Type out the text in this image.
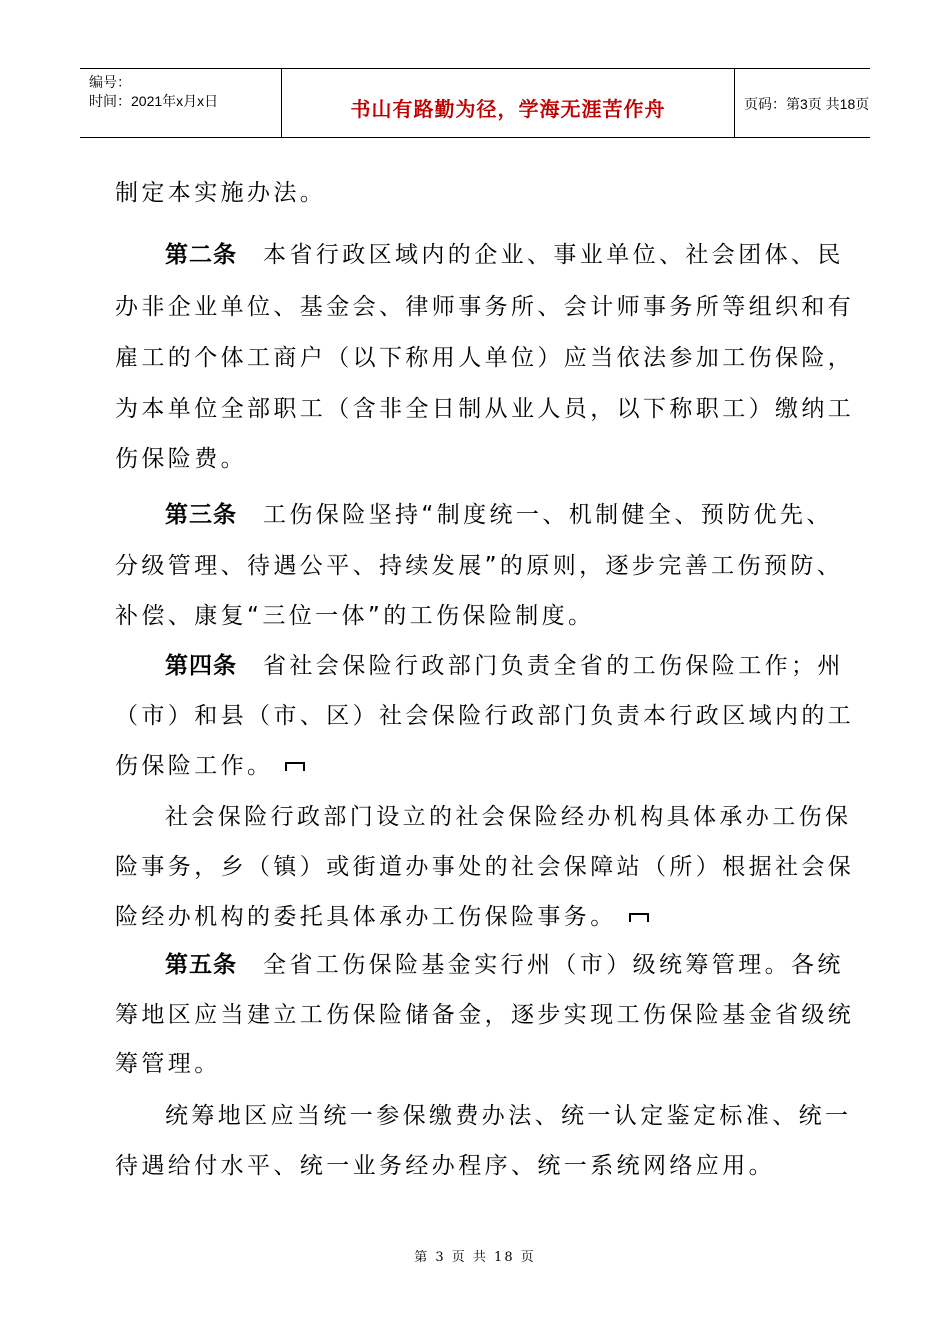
编号：
时间：2021年x月x日	书山有路勤为径，学海无涯苦作舟	页码：第3页 共18页
制定本实施办法。
第二条 本省行政区域内的企业、事业单位、社会团体、民
办非企业单位、基金会、律师事务所、会计师事务所等组织和有
雇工的个体工商户（以下称用人单位）应当依法参加工伤保险，
为本单位全部职工（含非全日制从业人员，以下称职工）缴纳工
伤保险费。
第三条 工伤保险坚持“制度统一、机制健全、预防优先、
分级管理、待遇公平、持续发展”的原则，逐步完善工伤预防、
补偿、康复“三位一体”的工伤保险制度。
第四条 省社会保险行政部门负责全省的工伤保险工作；州
（市）和县（市、区）社会保险行政部门负责本行政区域内的工
伤保险工作。
社会保险行政部门设立的社会保险经办机构具体承办工伤保
险事务，乡（镇）或街道办事处的社会保障站（所）根据社会保
险经办机构的委托具体承办工伤保险事务。
第五条 全省工伤保险基金实行州（市）级统筹管理。各统
筹地区应当建立工伤保险储备金，逐步实现工伤保险基金省级统
筹管理。
统筹地区应当统一参保缴费办法、统一认定鉴定标准、统一
待遇给付水平、统一业务经办程序、统一系统网络应用。
第 3 页 共 18 页
